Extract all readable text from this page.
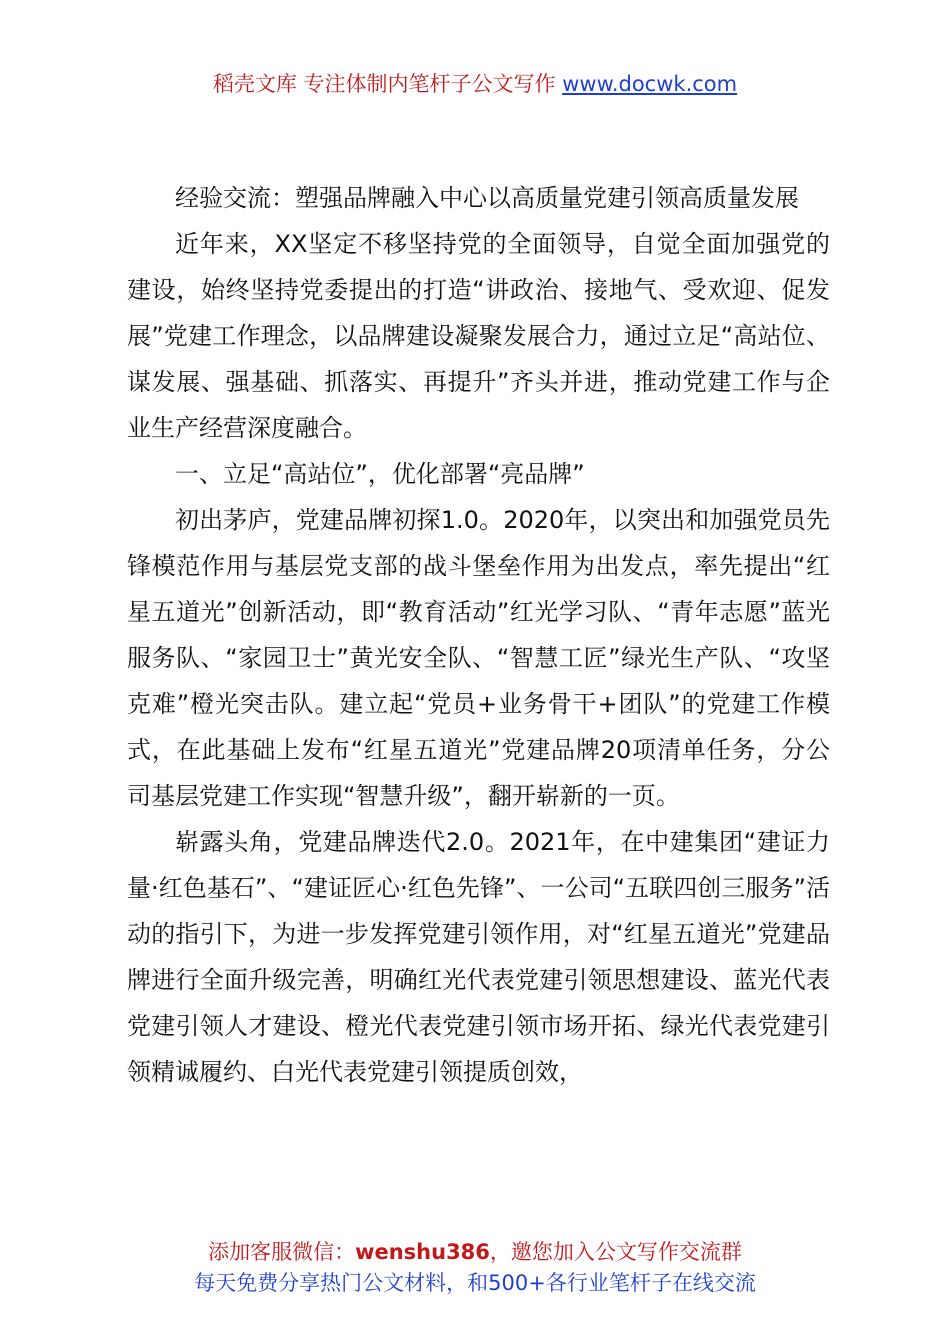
稻壳文库 专注体制内笔杆子公文写作 www.docwk.com

经验交流：塑强品牌融入中心以高质量党建引领高质量发展

近年来，XX坚定不移坚持党的全面领导，自觉全面加强党的建设，始终坚持党委提出的打造“讲政治、接地气、受欢迎、促发展”党建工作理念，以品牌建设凝聚发展合力，通过立足“高站位、谋发展、强基础、抓落实、再提升”齐头并进，推动党建工作与企业生产经营深度融合。

一、立足“高站位”，优化部署“亮品牌”

初出茅庐，党建品牌初探1.0。2020年，以突出和加强党员先锋模范作用与基层党支部的战斗堡垒作用为出发点，率先提出“红星五道光”创新活动，即“教育活动”红光学习队、“青年志愿”蓝光服务队、“家园卫士”黄光安全队、“智慧工匠”绿光生产队、“攻坚克难”橙光突击队。建立起“党员+业务骨干+团队”的党建工作模式，在此基础上发布“红星五道光”党建品牌20项清单任务，分公司基层党建工作实现“智慧升级”，翻开崭新的一页。

崭露头角，党建品牌迭代2.0。2021年，在中建集团“建证力量·红色基石”、“建证匠心·红色先锋”、一公司“五联四创三服务”活动的指引下，为进一步发挥党建引领作用，对“红星五道光”党建品牌进行全面升级完善，明确红光代表党建引领思想建设、蓝光代表党建引领人才建设、橙光代表党建引领市场开拓、绿光代表党建引领精诚履约、白光代表党建引领提质创效，

添加客服微信：wenshu386，邀您加入公文写作交流群
每天免费分享热门公文材料，和500+各行业笔杆子在线交流
